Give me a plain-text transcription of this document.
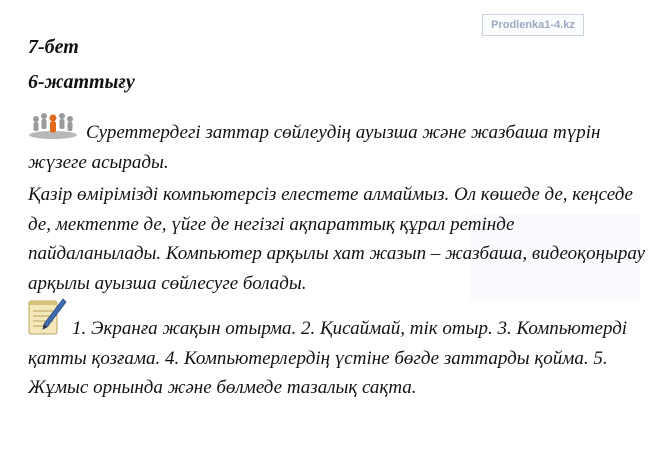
Prodlenka1-4.kz
7-бет
6-жаттығу

Суреттердегі заттар сөйлеудің ауызша және жазбаша түрін жүзеге асырады.

Қазір өмірімізді компьютерсіз елестете алмаймыз. Ол көшеде де, кеңседе де, мектепте де, үйге де негізгі ақпараттық құрал ретінде пайдаланылады. Компьютер арқылы хат жазып – жазбаша, видеоқоңырау арқылы ауызша сөйлесуге болады.

1. Экранға жақын отырма. 2. Қисаймай, тік отыр. 3. Компьютерді қатты қозғама. 4. Компьютерлердің үстіне бөгде заттарды қойма. 5. Жұмыс орнында және бөлмеде тазалық сақта.
